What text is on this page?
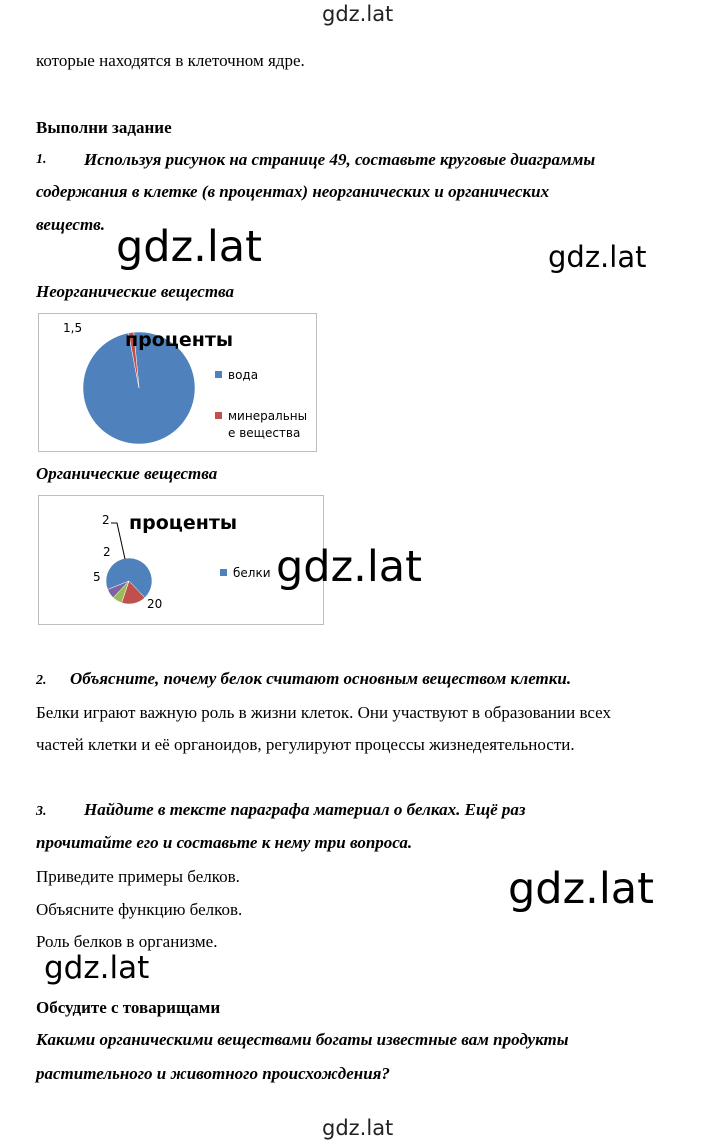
gdz.lat
которые находятся в клеточном ядре.
Выполни задание
1. Используя рисунок на странице 49, составьте круговые диаграммы
содержания в клетке (в процентах) неорганических и органических
веществ. gdz.lat	gdz.lat
Неорганические вещества
проценты
1,5
вода
минеральны
е вещества
Органические вещества
проценты
2
2
5
20
белки gdz.lat
2. Объясните, почему белок считают основным веществом клетки.
Белки играют важную роль в жизни клеток. Они участвуют в образовании всех
частей клетки и её органоидов, регулируют процессы жизнедеятельности.
3. Найдите в тексте параграфа материал о белках. Ещё раз
прочитайте его и составьте к нему три вопроса.
Приведите примеры белков.
Объясните функцию белков.
Роль белков в организме.
gdz.lat
gdz.lat
Обсудите с товарищами
Какими органическими веществами богаты известные вам продукты
растительного и животного происхождения?
gdz.lat
